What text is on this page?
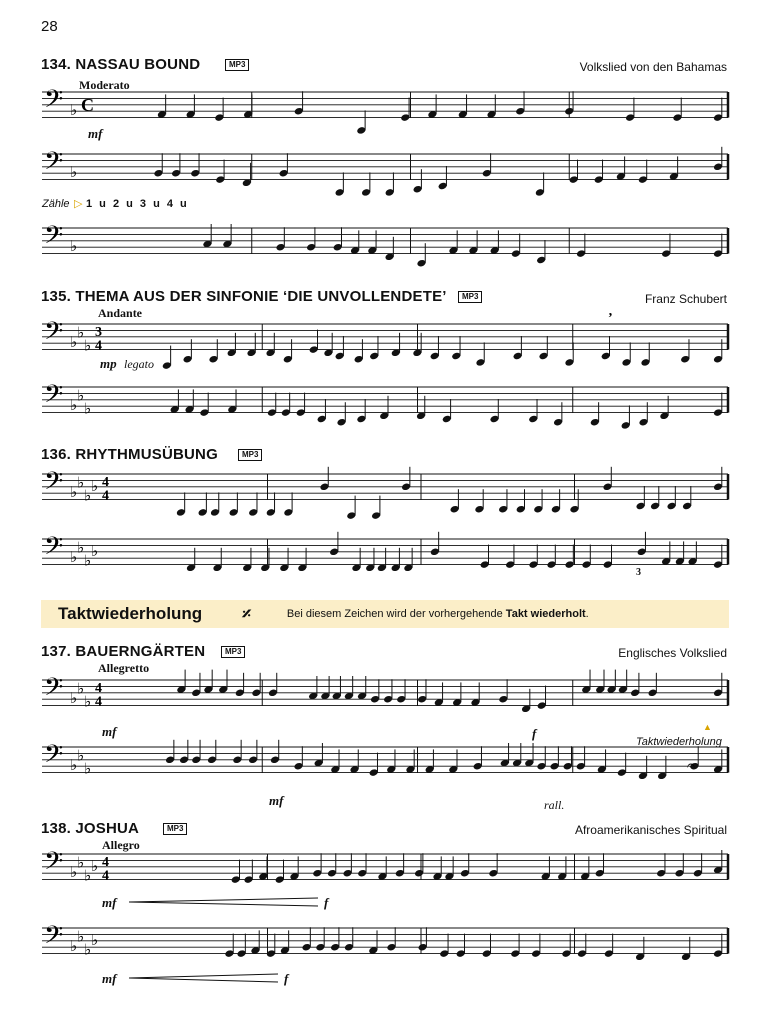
28
134. NASSAU BOUND	MP3	Volkslied von den Bahamas
Moderato
mf
Zähle ▷ 1 u 2 u 3 u 4 u
𝄢 ♭ C
𝄢 ♭
𝄢 ♭
135. THEMA AUS DER SINFONIE ‘DIE UNVOLLENDETE’	MP3	Franz Schubert
Andante
mp legato
𝄢 ♭
♭
♭
3
4
𝄢 ♭
♭
♭
136. RHYTHMUSÜBUNG	MP3
3
𝄢 ♭
♭
♭
♭ 4
4
𝄢 ♭
♭
♭
♭
Taktwiederholung 𝄎	Bei diesem Zeichen wird der vorhergehende Takt wiederholt.
137. BAUERNGÄRTEN	MP3	Englisches Volkslied
Allegretto
mf	f
mf
Taktwiederholung
▲
rall.
𝄢 ♭
♭
♭
4
4
𝄢 ♭
♭
♭
138. JOSHUA	MP3	Afroamerikanisches Spiritual
Allegro
mf	f
mf	f
𝄢 ♭
♭
♭
♭ 4
4
𝄢 ♭
♭
♭
♭
’
𝄐
